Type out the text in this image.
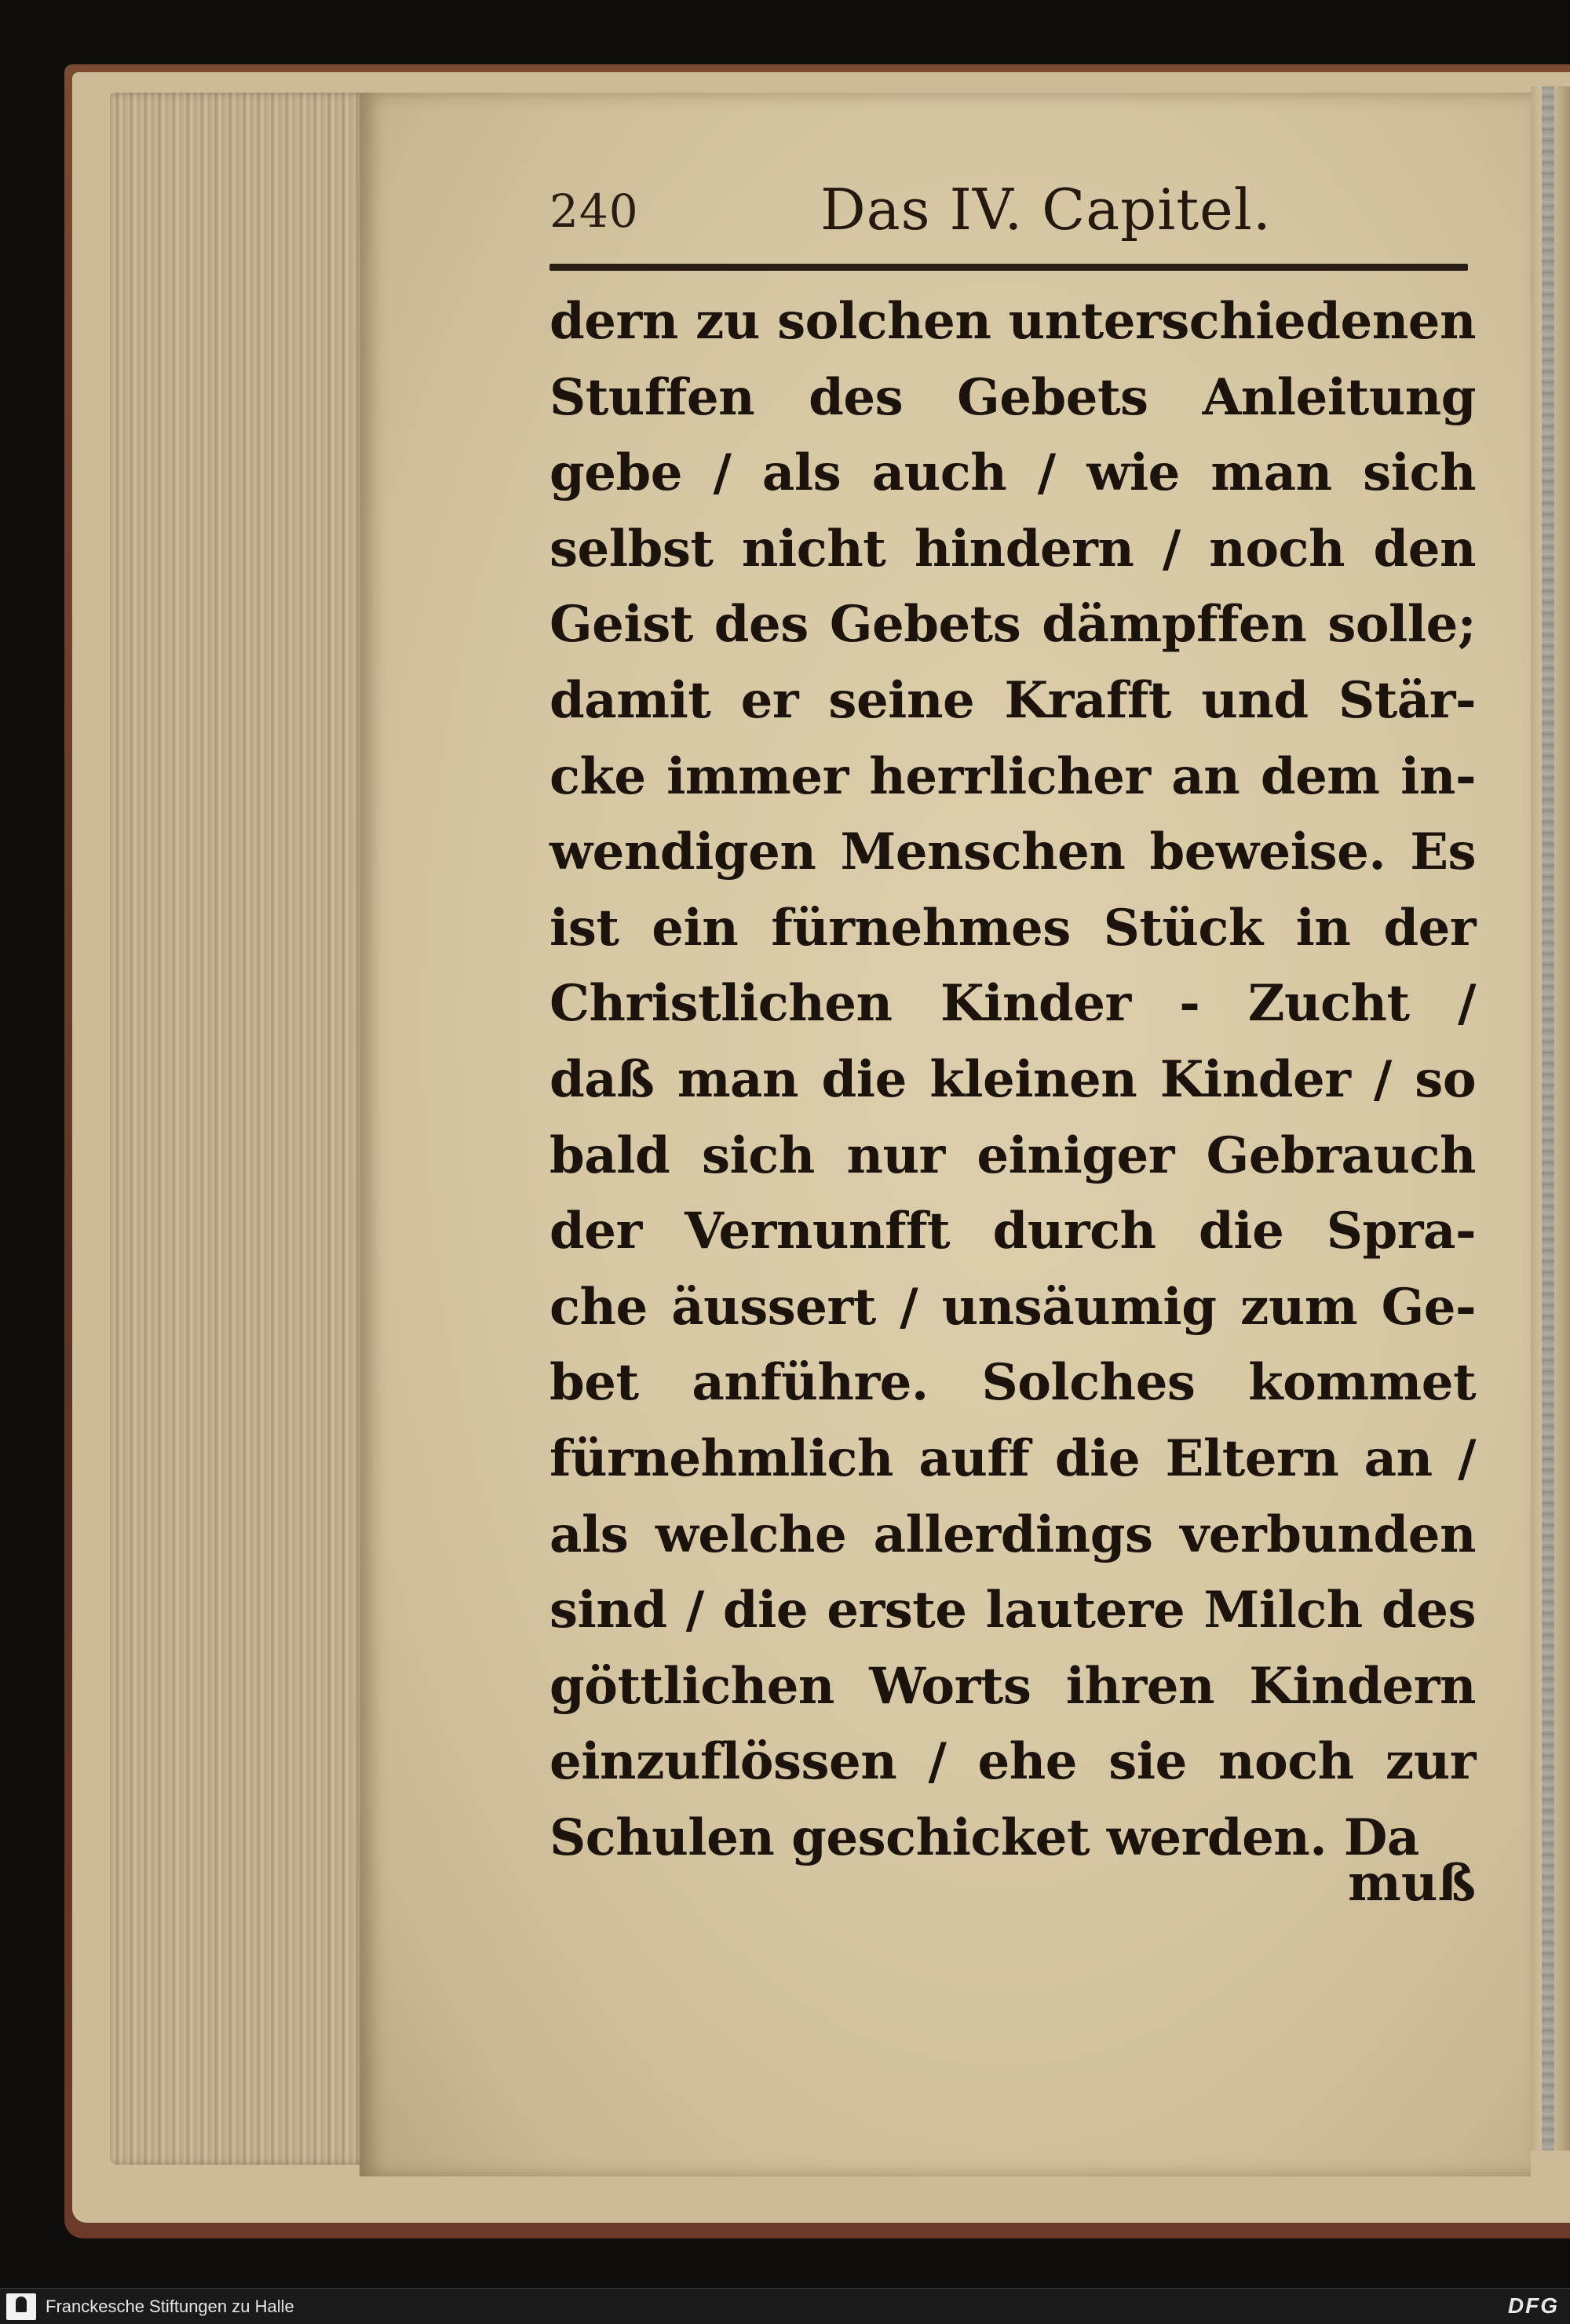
240	Das IV. Capitel.
dern zu solchen unterschiedenen
Stuffen des Gebets Anleitung
gebe / als auch / wie man sich
selbst nicht hindern / noch den
Geist des Gebets dämpffen solle;
damit er seine Krafft und Stär-
cke immer herrlicher an dem in-
wendigen Menschen beweise. Es
ist ein fürnehmes Stück in der
Christlichen Kinder - Zucht /
daß man die kleinen Kinder / so
bald sich nur einiger Gebrauch
der Vernunfft durch die Spra-
che äussert / unsäumig zum Ge-
bet anführe. Solches kommet
fürnehmlich auff die Eltern an /
als welche allerdings verbunden
sind / die erste lautere Milch des
göttlichen Worts ihren Kindern
einzuflössen / ehe sie noch zur
Schulen geschicket werden. Da
muß
Franckesche Stiftungen zu Halle	DFG
